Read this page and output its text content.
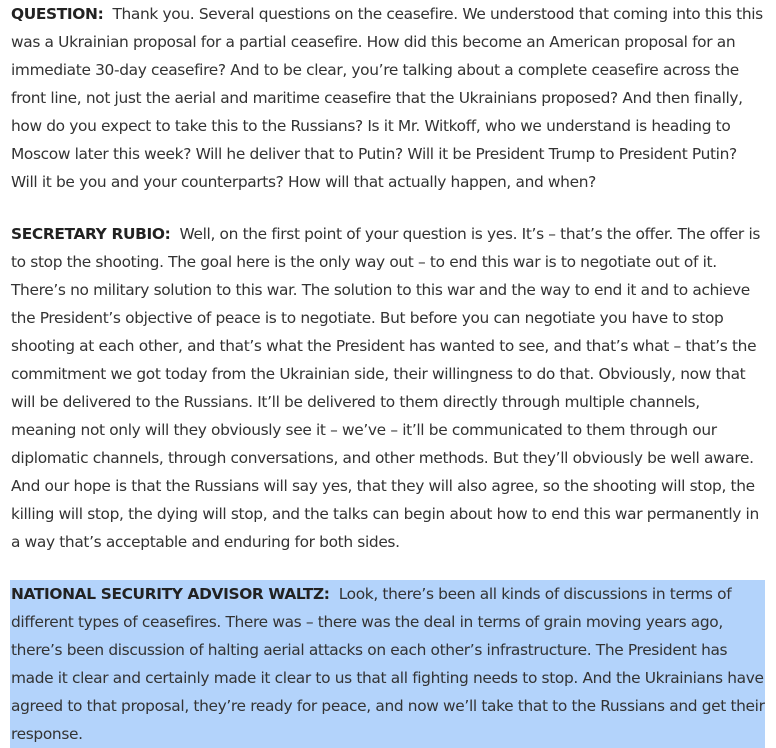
QUESTION: Thank you. Several questions on the ceasefire. We understood that coming into this this was a Ukrainian proposal for a partial ceasefire. How did this become an American proposal for an immediate 30-day ceasefire? And to be clear, you’re talking about a complete ceasefire across the front line, not just the aerial and maritime ceasefire that the Ukrainians proposed? And then finally, how do you expect to take this to the Russians? Is it Mr. Witkoff, who we understand is heading to Moscow later this week? Will he deliver that to Putin? Will it be President Trump to President Putin? Will it be you and your counterparts? How will that actually happen, and when?

SECRETARY RUBIO: Well, on the first point of your question is yes. It’s – that’s the offer. The offer is to stop the shooting. The goal here is the only way out – to end this war is to negotiate out of it. There’s no military solution to this war. The solution to this war and the way to end it and to achieve the President’s objective of peace is to negotiate. But before you can negotiate you have to stop shooting at each other, and that’s what the President has wanted to see, and that’s what – that’s the commitment we got today from the Ukrainian side, their willingness to do that. Obviously, now that will be delivered to the Russians. It’ll be delivered to them directly through multiple channels, meaning not only will they obviously see it – we’ve – it’ll be communicated to them through our diplomatic channels, through conversations, and other methods. But they’ll obviously be well aware. And our hope is that the Russians will say yes, that they will also agree, so the shooting will stop, the killing will stop, the dying will stop, and the talks can begin about how to end this war permanently in a way that’s acceptable and enduring for both sides.

NATIONAL SECURITY ADVISOR WALTZ: Look, there’s been all kinds of discussions in terms of different types of ceasefires. There was – there was the deal in terms of grain moving years ago, there’s been discussion of halting aerial attacks on each other’s infrastructure. The President has made it clear and certainly made it clear to us that all fighting needs to stop. And the Ukrainians have agreed to that proposal, they’re ready for peace, and now we’ll take that to the Russians and get their response.
